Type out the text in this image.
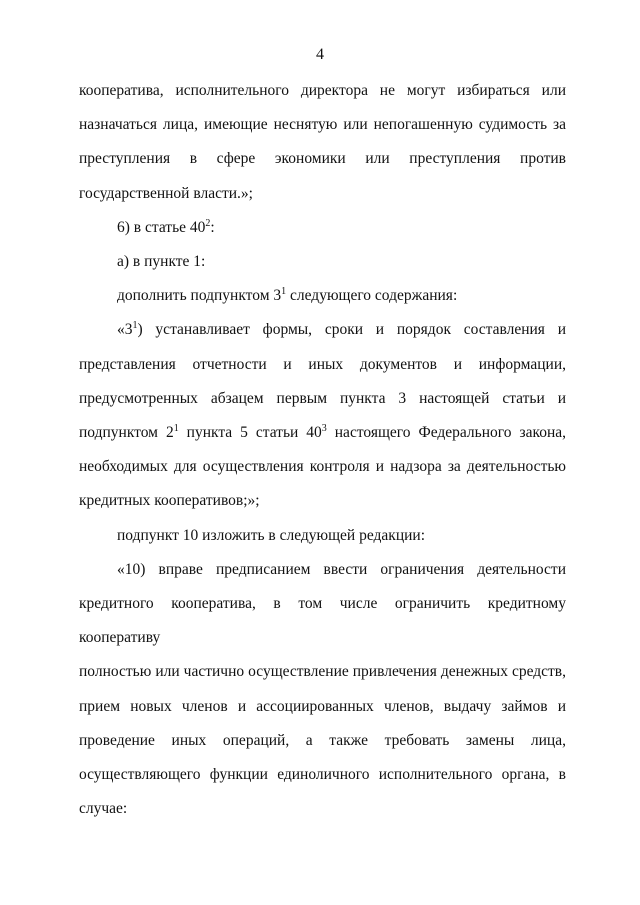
4

кооператива, исполнительного директора не могут избираться или

назначаться лица, имеющие неснятую или непогашенную судимость за

преступления в сфере экономики или преступления против

государственной власти.»;

6) в статье $40^2$:

а) в пункте 1:

дополнить подпунктом $3^1$ следующего содержания:

«$3^1$) устанавливает формы, сроки и порядок составления и

представления отчетности и иных документов и информации,

предусмотренных абзацем первым пункта 3 настоящей статьи и

подпунктом $2^1$ пункта 5 статьи $40^3$ настоящего Федерального закона,

необходимых для осуществления контроля и надзора за деятельностью

кредитных кооперативов;»;

подпункт 10 изложить в следующей редакции:

«10) вправе предписанием ввести ограничения деятельности

кредитного кооператива, в том числе ограничить кредитному кооперативу

полностью или частично осуществление привлечения денежных средств,

прием новых членов и ассоциированных членов, выдачу займов и

проведение иных операций, а также требовать замены лица,

осуществляющего функции единоличного исполнительного органа, в

случае:
